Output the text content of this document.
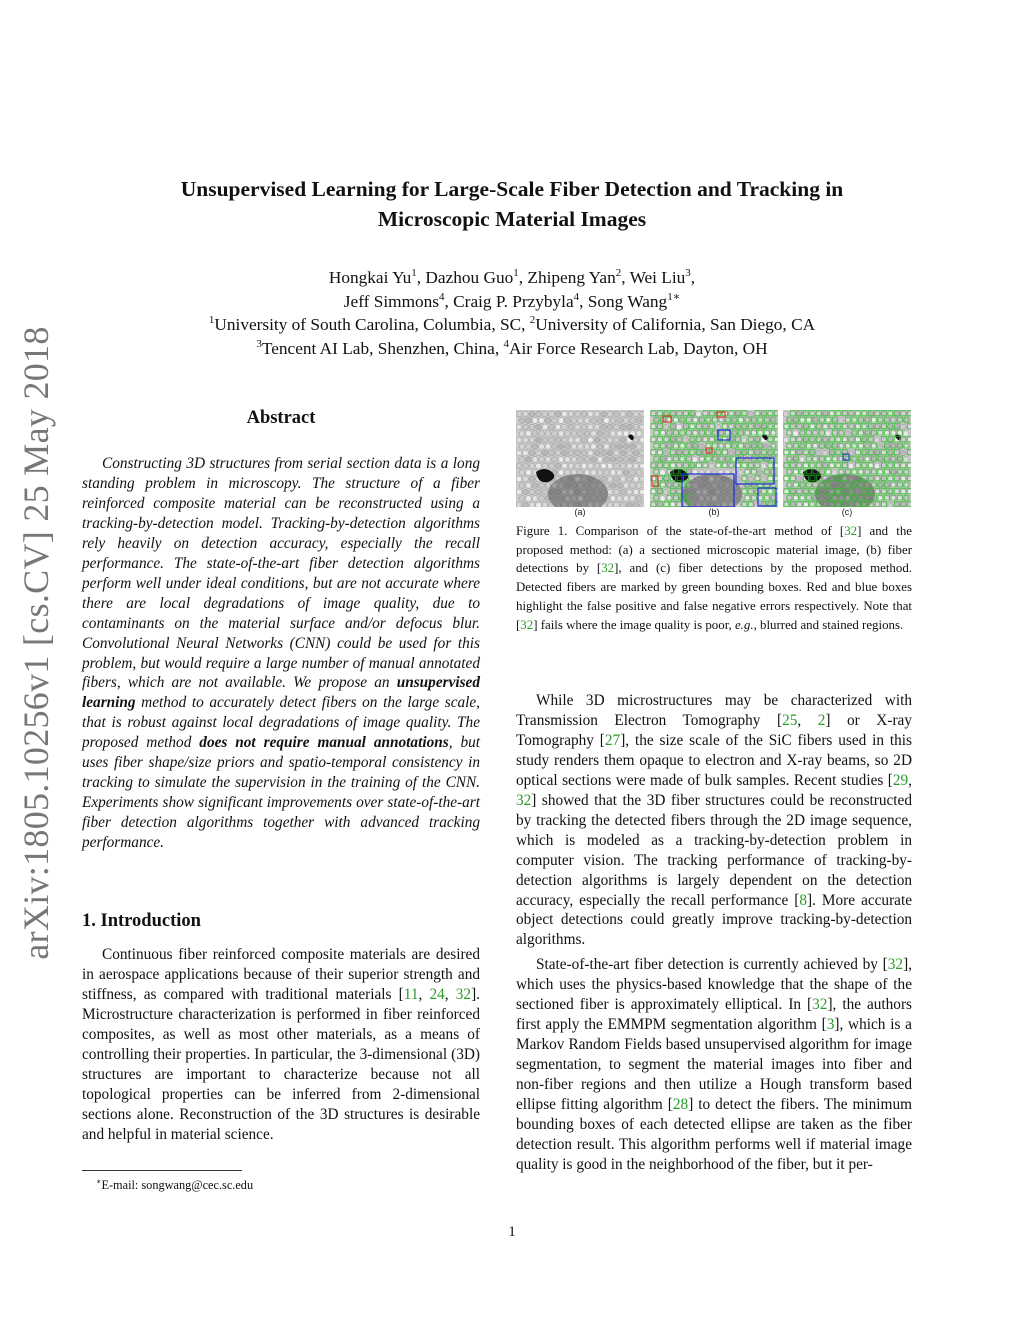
arXiv:1805.10256v1 [cs.CV] 25 May 2018
Unsupervised Learning for Large-Scale Fiber Detection and Tracking in
Microscopic Material Images
Hongkai Yu$^1$, Dazhou Guo$^1$, Zhipeng Yan$^2$, Wei Liu$^3$,
Jeff Simmons$^4$, Craig P. Przybyla$^4$, Song Wang$^{1∗}$
$^1$University of South Carolina, Columbia, SC, $^2$University of California, San Diego, CA
$^3$Tencent AI Lab, Shenzhen, China, $^4$Air Force Research Lab, Dayton, OH
Abstract

Constructing 3D structures from serial section data is a long standing problem in microscopy. The structure of a fiber reinforced composite material can be reconstructed using a tracking-by-detection model. Tracking-by-detection algorithms rely heavily on detection accuracy, especially the recall performance. The state-of-the-art fiber detection algorithms perform well under ideal conditions, but are not accurate where there are local degradations of image quality, due to contaminants on the material surface and/or defocus blur. Convolutional Neural Networks (CNN) could be used for this problem, but would require a large number of manual annotated fibers, which are not available. We propose an unsupervised learning method to accurately detect fibers on the large scale, that is robust against local degradations of image quality. The proposed method does not require manual annotations, but uses fiber shape/size priors and spatio-temporal consistency in tracking to simulate the supervision in the training of the CNN. Experiments show significant improvements over state-of-the-art fiber detection algorithms together with advanced tracking performance.

1. Introduction

Continuous fiber reinforced composite materials are desired in aerospace applications because of their superior strength and stiffness, as compared with traditional materials [11, 24, 32]. Microstructure characterization is performed in fiber reinforced composites, as well as most other materials, as a means of controlling their properties. In particular, the 3-dimensional (3D) structures are important to characterize because not all topological properties can be inferred from 2-dimensional sections alone. Reconstruction of the 3D structures is desirable and helpful in material science.

∗E-mail: songwang@cec.sc.edu
(a)	(b)	(c)
Figure 1. Comparison of the state-of-the-art method of [32] and the proposed method: (a) a sectioned microscopic material image, (b) fiber detections by [32], and (c) fiber detections by the proposed method. Detected fibers are marked by green bounding boxes. Red and blue boxes highlight the false positive and false negative errors respectively. Note that [32] fails where the image quality is poor, e.g., blurred and stained regions.

While 3D microstructures may be characterized with Transmission Electron Tomography [25, 2] or X-ray Tomography [27], the size scale of the SiC fibers used in this study renders them opaque to electron and X-ray beams, so 2D optical sections were made of bulk samples. Recent studies [29, 32] showed that the 3D fiber structures could be reconstructed by tracking the detected fibers through the 2D image sequence, which is modeled as a tracking-by-detection problem in computer vision. The tracking performance of tracking-by-detection algorithms is largely dependent on the detection accuracy, especially the recall performance [8]. More accurate object detections could greatly improve tracking-by-detection algorithms.

State-of-the-art fiber detection is currently achieved by [32], which uses the physics-based knowledge that the shape of the sectioned fiber is approximately elliptical. In [32], the authors first apply the EMMPM segmentation algorithm [3], which is a Markov Random Fields based unsupervised algorithm for image segmentation, to segment the material images into fiber and non-fiber regions and then utilize a Hough transform based ellipse fitting algorithm [28] to detect the fibers. The minimum bounding boxes of each detected ellipse are taken as the fiber detection result. This algorithm performs well if material image quality is good in the neighborhood of the fiber, but it per-

1
